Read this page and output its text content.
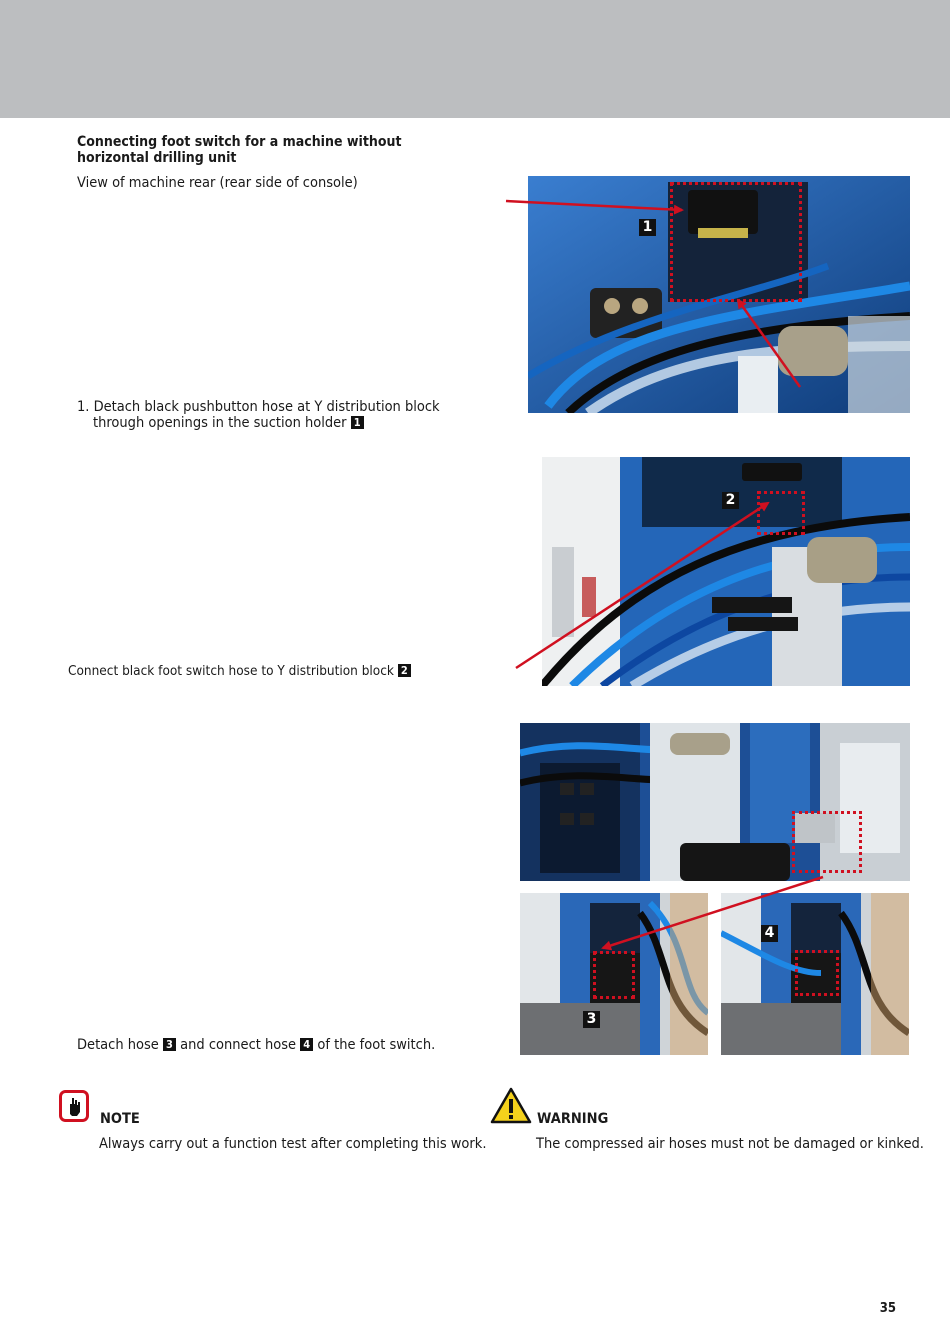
Connecting foot switch for a machine without horizontal drilling unit
View of machine rear (rear side of console)
1. Detach black pushbutton hose at Y distribution block
through openings in the suction holder 1
Connect black foot switch hose to Y distribution block 2
Detach hose 3 and connect hose 4 of the foot switch.
1
2
3
4
NOTE
Always carry out a function test after completing this work.
WARNING
The compressed air hoses must not be damaged or kinked.
35
